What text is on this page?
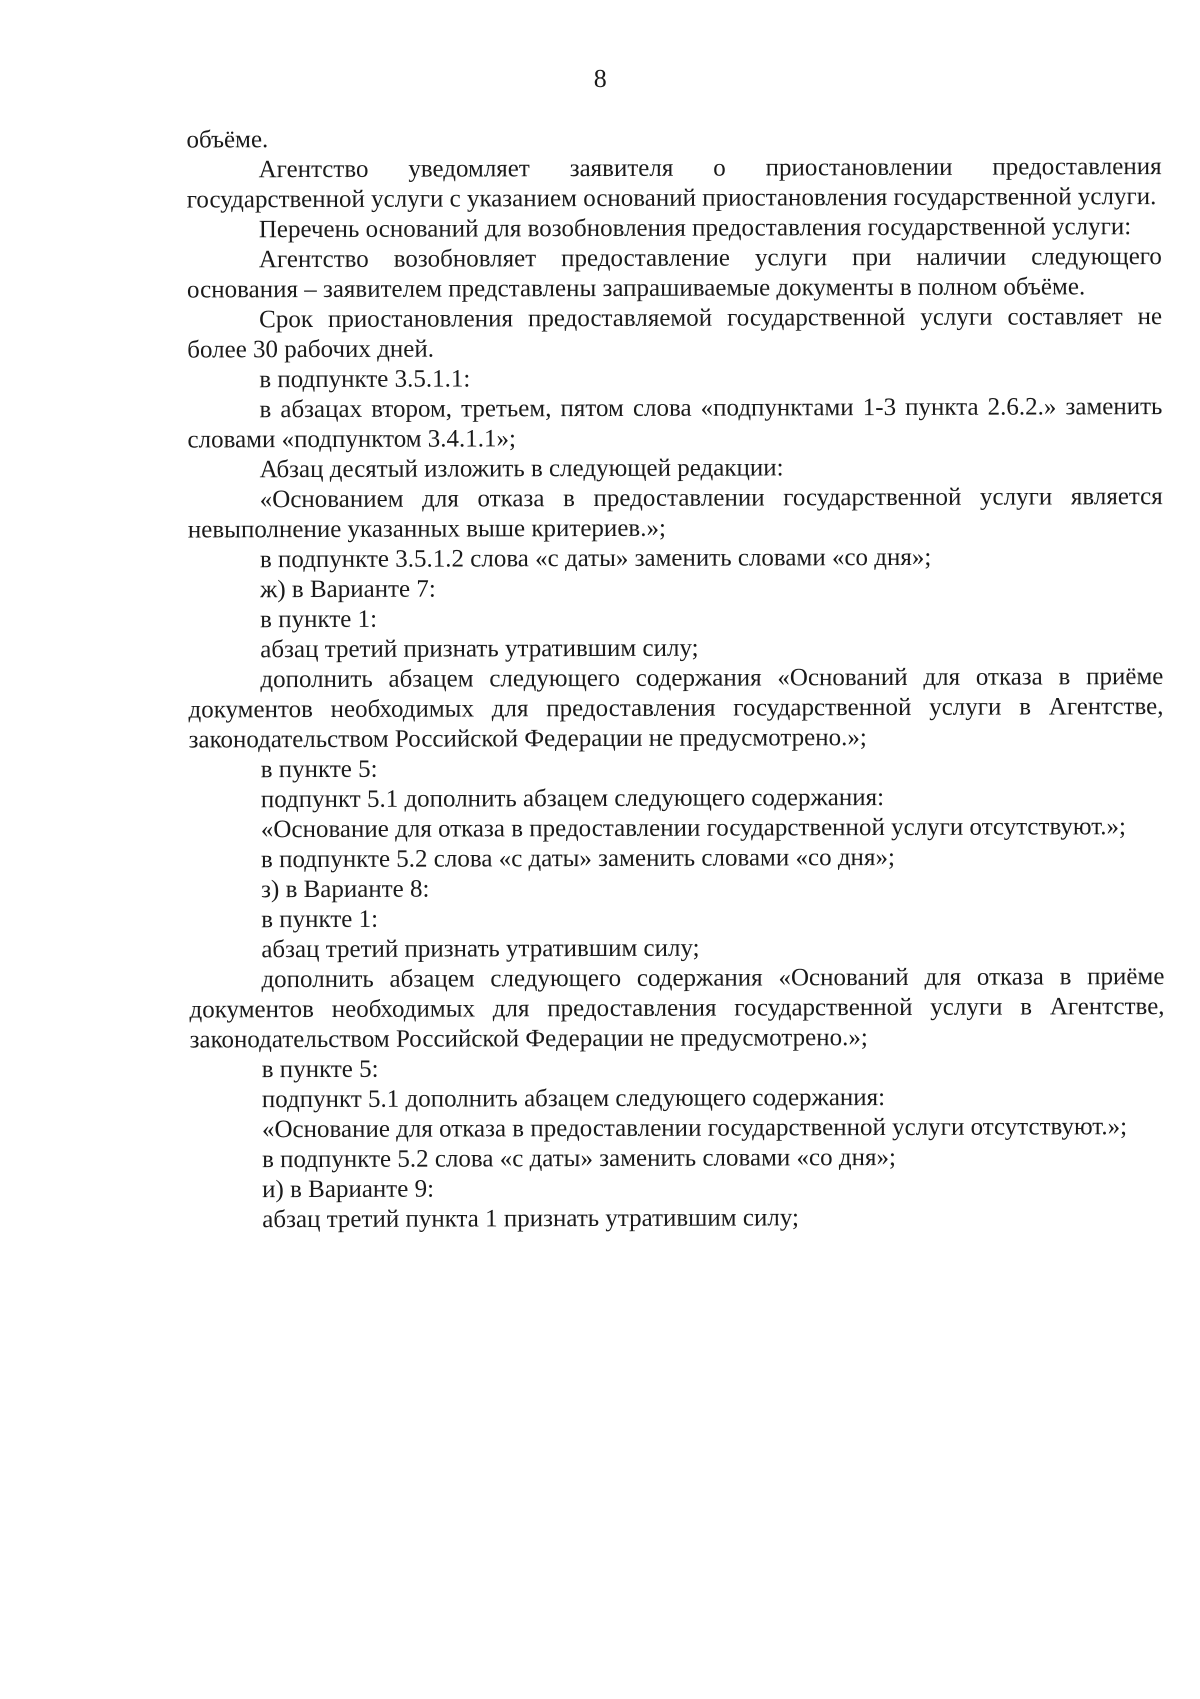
8

объёме.

Агентство уведомляет заявителя о приостановлении предоставления государственной услуги с указанием оснований приостановления государственной услуги.

Перечень оснований для возобновления предоставления государственной услуги:

Агентство возобновляет предоставление услуги при наличии следующего основания – заявителем представлены запрашиваемые документы в полном объёме.

Срок приостановления предоставляемой государственной услуги составляет не более 30 рабочих дней.

в подпункте 3.5.1.1:

в абзацах втором, третьем, пятом слова «подпунктами 1-3 пункта 2.6.2.» заменить словами «подпунктом 3.4.1.1»;

Абзац десятый изложить в следующей редакции:

«Основанием для отказа в предоставлении государственной услуги является невыполнение указанных выше критериев.»;

в подпункте 3.5.1.2 слова «с даты» заменить словами «со дня»;

ж) в Варианте 7:

в пункте 1:

абзац третий признать утратившим силу;

дополнить абзацем следующего содержания «Оснований для отказа в приёме документов необходимых для предоставления государственной услуги в Агентстве, законодательством Российской Федерации не предусмотрено.»;

в пункте 5:

подпункт 5.1 дополнить абзацем следующего содержания:

«Основание для отказа в предоставлении государственной услуги отсутствуют.»;

в подпункте 5.2 слова «с даты» заменить словами «со дня»;

з) в Варианте 8:

в пункте 1:

абзац третий признать утратившим силу;

дополнить абзацем следующего содержания «Оснований для отказа в приёме документов необходимых для предоставления государственной услуги в Агентстве, законодательством Российской Федерации не предусмотрено.»;

в пункте 5:

подпункт 5.1 дополнить абзацем следующего содержания:

«Основание для отказа в предоставлении государственной услуги отсутствуют.»;

в подпункте 5.2 слова «с даты» заменить словами «со дня»;

и) в Варианте 9:

абзац третий пункта 1 признать утратившим силу;
